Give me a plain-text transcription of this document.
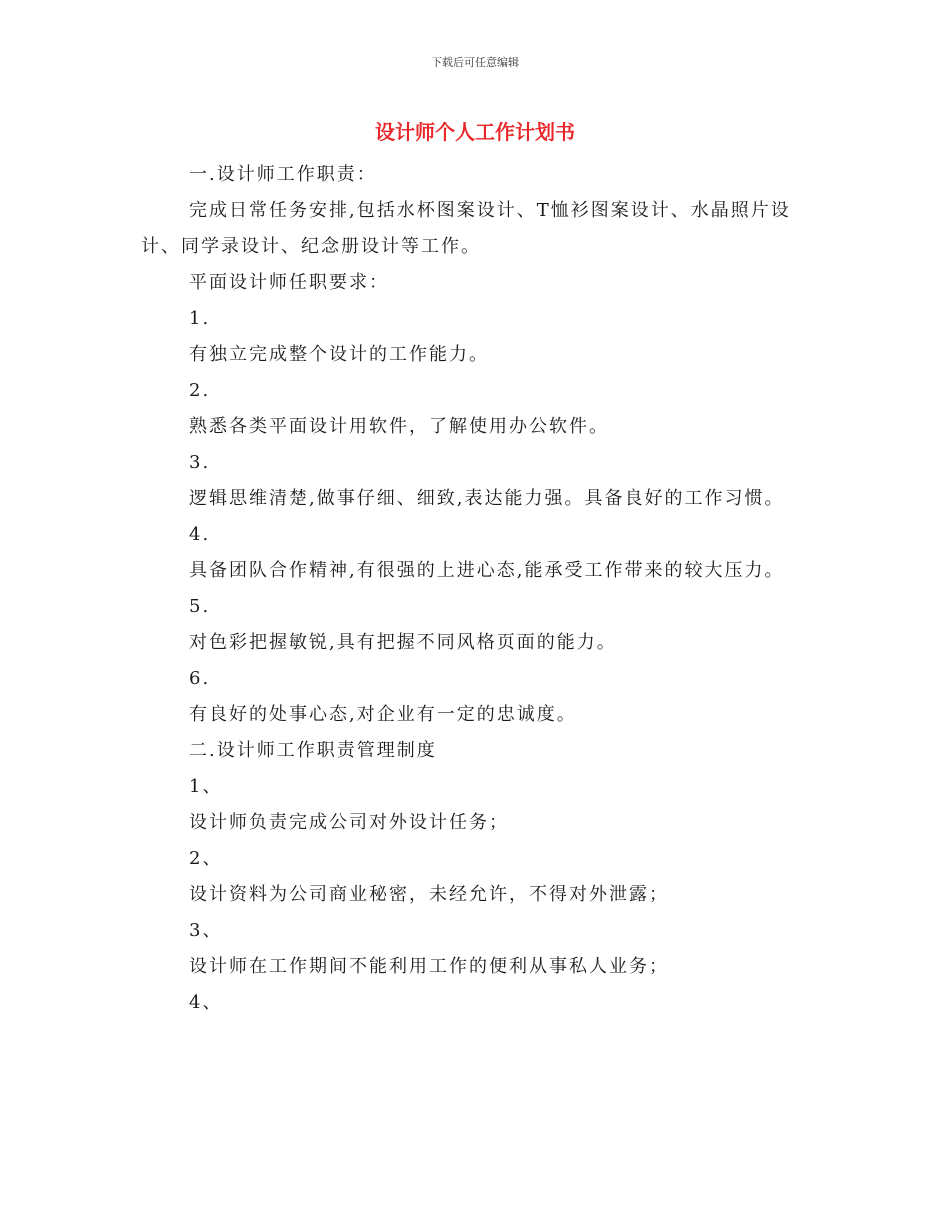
下载后可任意编辑
设计师个人工作计划书

一.设计师工作职责：

完成日常任务安排,包括水杯图案设计、T恤衫图案设计、水晶照片设计、同学录设计、纪念册设计等工作。

平面设计师任职要求：

1.

有独立完成整个设计的工作能力。

2.

熟悉各类平面设计用软件，了解使用办公软件。

3.

逻辑思维清楚,做事仔细、细致,表达能力强。具备良好的工作习惯。

4.

具备团队合作精神,有很强的上进心态,能承受工作带来的较大压力。

5.

对色彩把握敏锐,具有把握不同风格页面的能力。

6.

有良好的处事心态,对企业有一定的忠诚度。

二.设计师工作职责管理制度

1、

设计师负责完成公司对外设计任务；

2、

设计资料为公司商业秘密，未经允许，不得对外泄露；

3、

设计师在工作期间不能利用工作的便利从事私人业务；

4、
